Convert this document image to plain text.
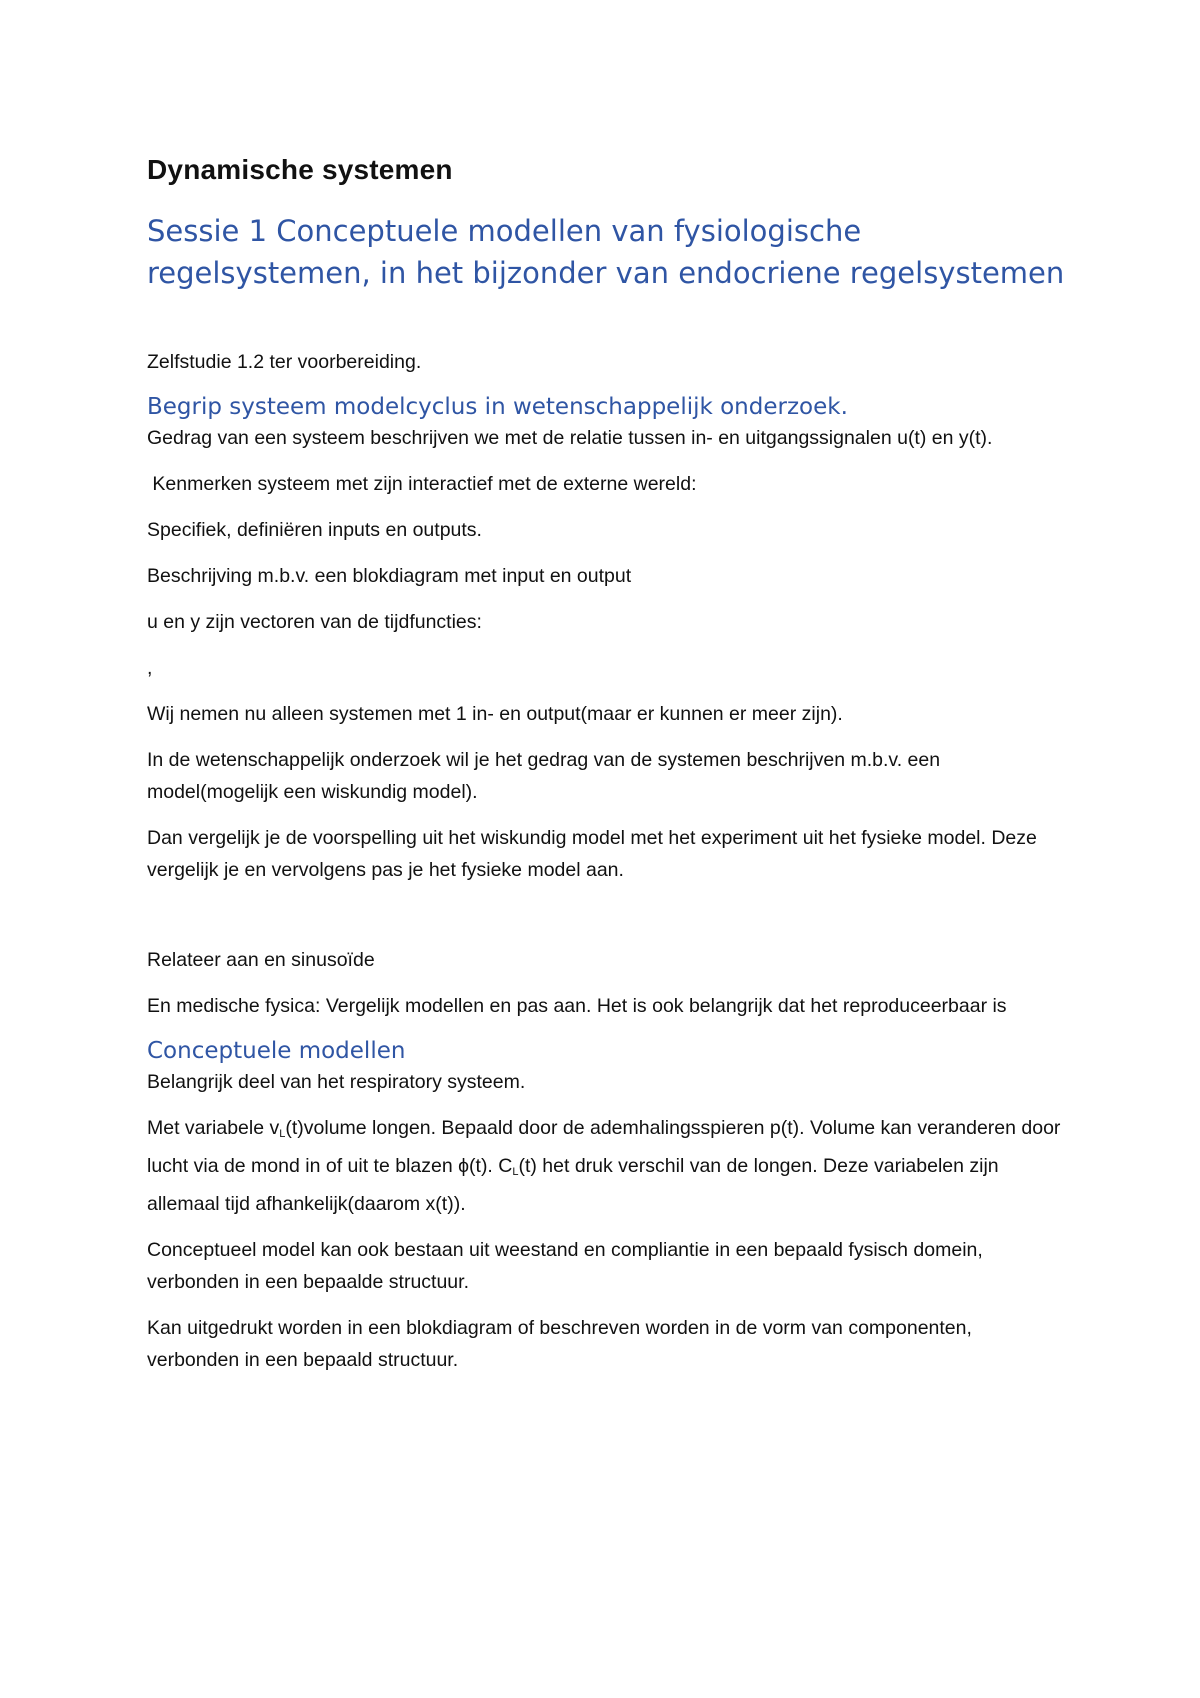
Dynamische systemen
Sessie 1 Conceptuele modellen van fysiologische regelsystemen, in het bijzonder van endocriene regelsystemen

Zelfstudie 1.2 ter voorbereiding.

Begrip systeem modelcyclus in wetenschappelijk onderzoek.

Gedrag van een systeem beschrijven we met de relatie tussen in- en uitgangssignalen u(t) en y(t).

Kenmerken systeem met zijn interactief met de externe wereld:

Specifiek, definiëren inputs en outputs.

Beschrijving m.b.v. een blokdiagram met input en output

u en y zijn vectoren van de tijdfuncties:

,

Wij nemen nu alleen systemen met 1 in- en output(maar er kunnen er meer zijn).

In de wetenschappelijk onderzoek wil je het gedrag van de systemen beschrijven m.b.v. een model(mogelijk een wiskundig model).

Dan vergelijk je de voorspelling uit het wiskundig model met het experiment uit het fysieke model. Deze vergelijk je en vervolgens pas je het fysieke model aan.

Relateer aan en sinusoïde

En medische fysica: Vergelijk modellen en pas aan. Het is ook belangrijk dat het reproduceerbaar is

Conceptuele modellen

Belangrijk deel van het respiratory systeem.

Met variabele $v_L(t)volume$ longen. Bepaald door de ademhalingsspieren p(t). Volume kan veranderen door lucht via de mond in of uit te blazen ϕ(t). $C_L(t)$ het druk verschil van de longen. Deze variabelen zijn allemaal tijd afhankelijk(daarom x(t)).

Conceptueel model kan ook bestaan uit weestand en compliantie in een bepaald fysisch domein, verbonden in een bepaalde structuur.

Kan uitgedrukt worden in een blokdiagram of beschreven worden in de vorm van componenten, verbonden in een bepaald structuur.
